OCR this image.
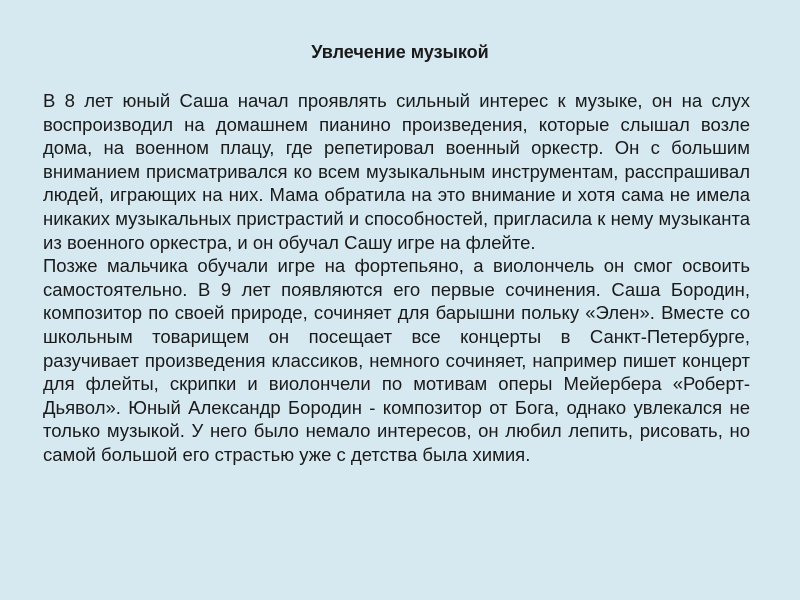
Увлечение музыкой

В 8 лет юный Саша начал проявлять сильный интерес к музыке, он на слух воспроизводил на домашнем пианино произведения, которые слышал возле дома, на военном плацу, где репетировал военный оркестр. Он с большим вниманием присматривался ко всем музыкальным инструментам, расспрашивал людей, играющих на них. Мама обратила на это внимание и хотя сама не имела никаких музыкальных пристрастий и способностей, пригласила к нему музыканта из военного оркестра, и он обучал Сашу игре на флейте.

Позже мальчика обучали игре на фортепьяно, а виолончель он смог освоить самостоятельно. В 9 лет появляются его первые сочинения. Саша Бородин, композитор по своей природе, сочиняет для барышни польку «Элен». Вместе со школьным товарищем он посещает все концерты в Санкт-Петербурге, разучивает произведения классиков, немного сочиняет, например пишет концерт для флейты, скрипки и виолончели по мотивам оперы Мейербера «Роберт-Дьявол». Юный Александр Бородин - композитор от Бога, однако увлекался не только музыкой. У него было немало интересов, он любил лепить, рисовать, но самой большой его страстью уже с детства была химия.
